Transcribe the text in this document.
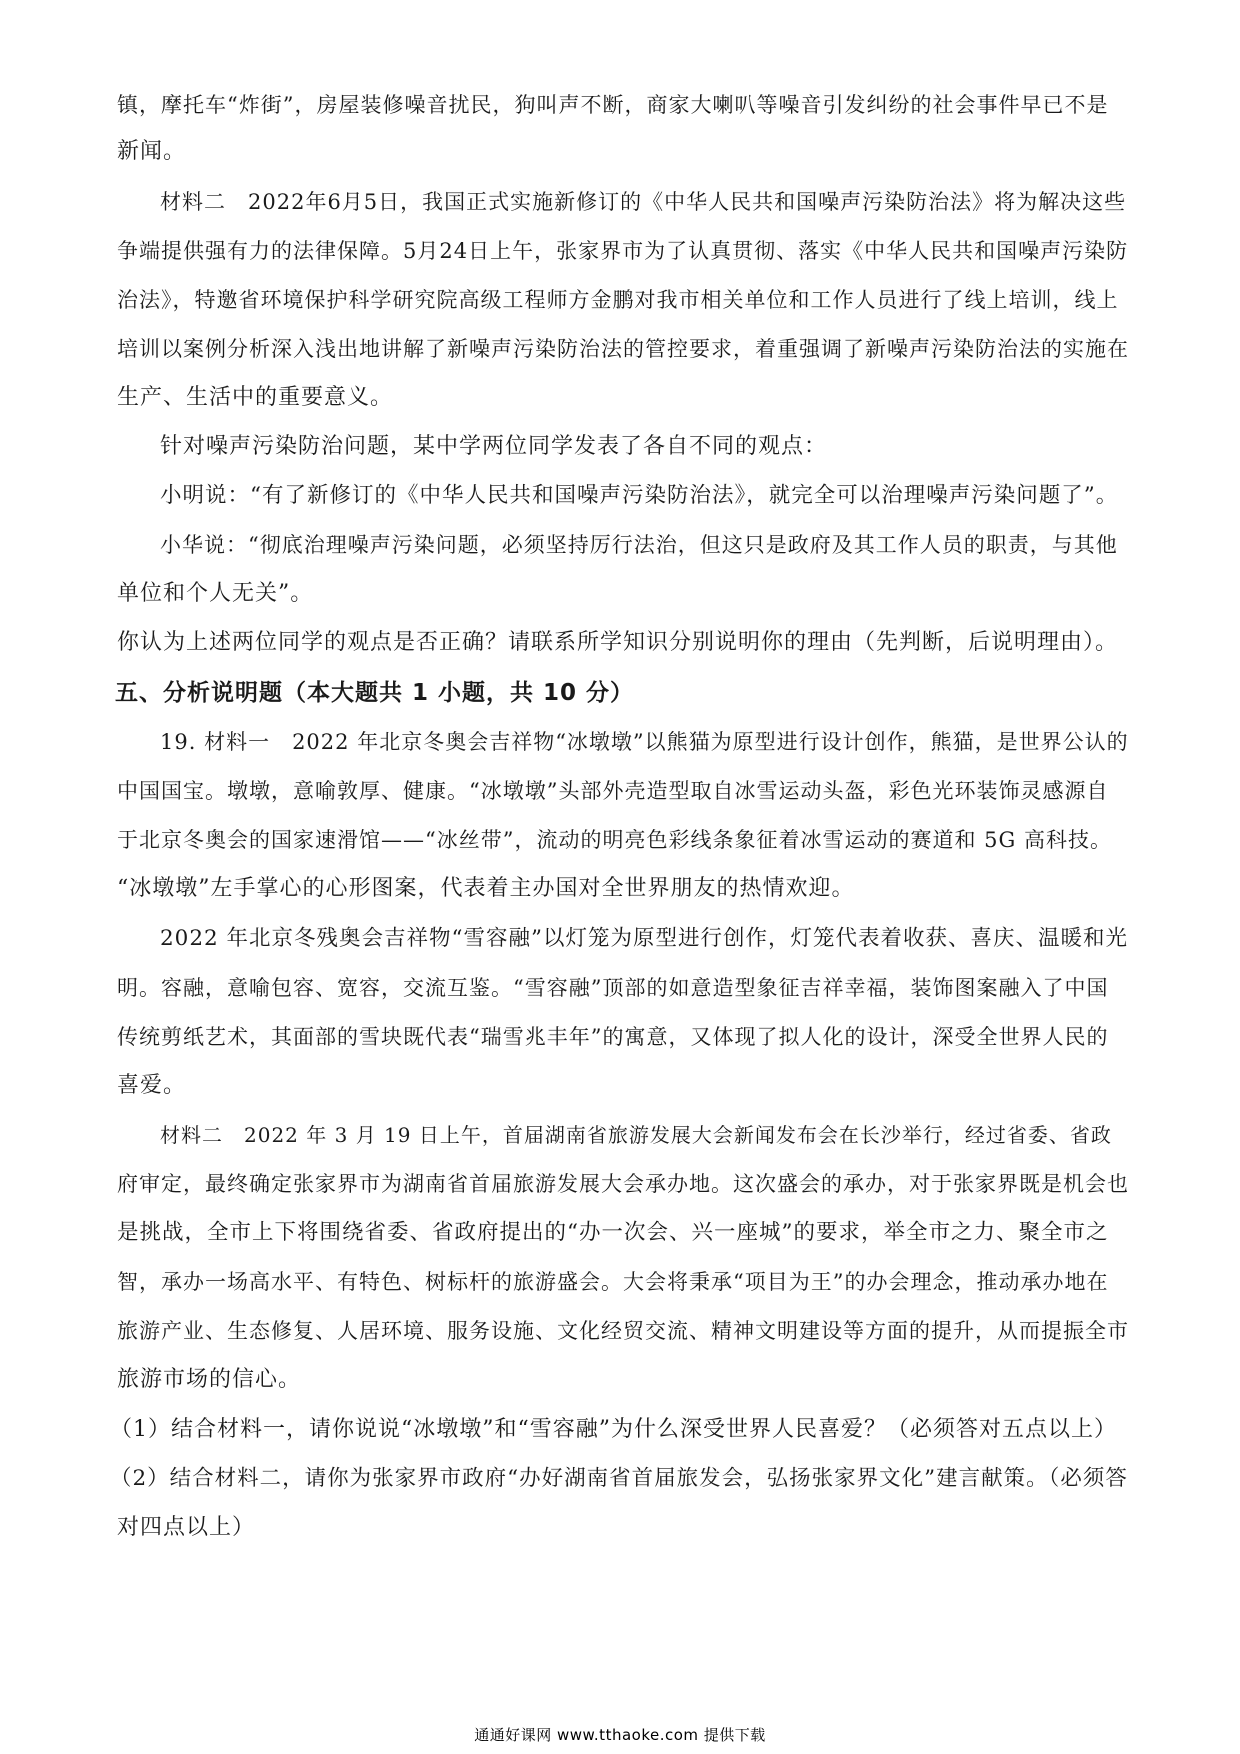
镇，摩托车“炸街”，房屋装修噪音扰民，狗叫声不断，商家大喇叭等噪音引发纠纷的社会事件早已不是
新闻。
材料二　2022年6月5日，我国正式实施新修订的《中华人民共和国噪声污染防治法》将为解决这些
争端提供强有力的法律保障。5月24日上午，张家界市为了认真贯彻、落实《中华人民共和国噪声污染防
治法》，特邀省环境保护科学研究院高级工程师方金鹏对我市相关单位和工作人员进行了线上培训，线上
培训以案例分析深入浅出地讲解了新噪声污染防治法的管控要求，着重强调了新噪声污染防治法的实施在
生产、生活中的重要意义。
针对噪声污染防治问题，某中学两位同学发表了各自不同的观点：
小明说：“有了新修订的《中华人民共和国噪声污染防治法》，就完全可以治理噪声污染问题了”。
小华说：“彻底治理噪声污染问题，必须坚持厉行法治，但这只是政府及其工作人员的职责，与其他
单位和个人无关”。
你认为上述两位同学的观点是否正确？请联系所学知识分别说明你的理由（先判断，后说明理由）。
五、分析说明题（本大题共 1 小题，共 10 分）
19. 材料一　2022 年北京冬奥会吉祥物“冰墩墩”以熊猫为原型进行设计创作，熊猫，是世界公认的
中国国宝。墩墩，意喻敦厚、健康。“冰墩墩”头部外壳造型取自冰雪运动头盔，彩色光环装饰灵感源自
于北京冬奥会的国家速滑馆——“冰丝带”，流动的明亮色彩线条象征着冰雪运动的赛道和 5G 高科技。
“冰墩墩”左手掌心的心形图案，代表着主办国对全世界朋友的热情欢迎。
2022 年北京冬残奥会吉祥物“雪容融”以灯笼为原型进行创作，灯笼代表着收获、喜庆、温暖和光
明。容融，意喻包容、宽容，交流互鉴。“雪容融”顶部的如意造型象征吉祥幸福，装饰图案融入了中国
传统剪纸艺术，其面部的雪块既代表“瑞雪兆丰年”的寓意，又体现了拟人化的设计，深受全世界人民的
喜爱。
材料二　2022 年 3 月 19 日上午，首届湖南省旅游发展大会新闻发布会在长沙举行，经过省委、省政
府审定，最终确定张家界市为湖南省首届旅游发展大会承办地。这次盛会的承办，对于张家界既是机会也
是挑战，全市上下将围绕省委、省政府提出的“办一次会、兴一座城”的要求，举全市之力、聚全市之
智，承办一场高水平、有特色、树标杆的旅游盛会。大会将秉承“项目为王”的办会理念，推动承办地在
旅游产业、生态修复、人居环境、服务设施、文化经贸交流、精神文明建设等方面的提升，从而提振全市
旅游市场的信心。
（1）结合材料一，请你说说“冰墩墩”和“雪容融”为什么深受世界人民喜爱？（必须答对五点以上）
（2）结合材料二，请你为张家界市政府“办好湖南省首届旅发会，弘扬张家界文化”建言献策。（必须答
对四点以上）
通通好课网 www.tthaoke.com 提供下载
